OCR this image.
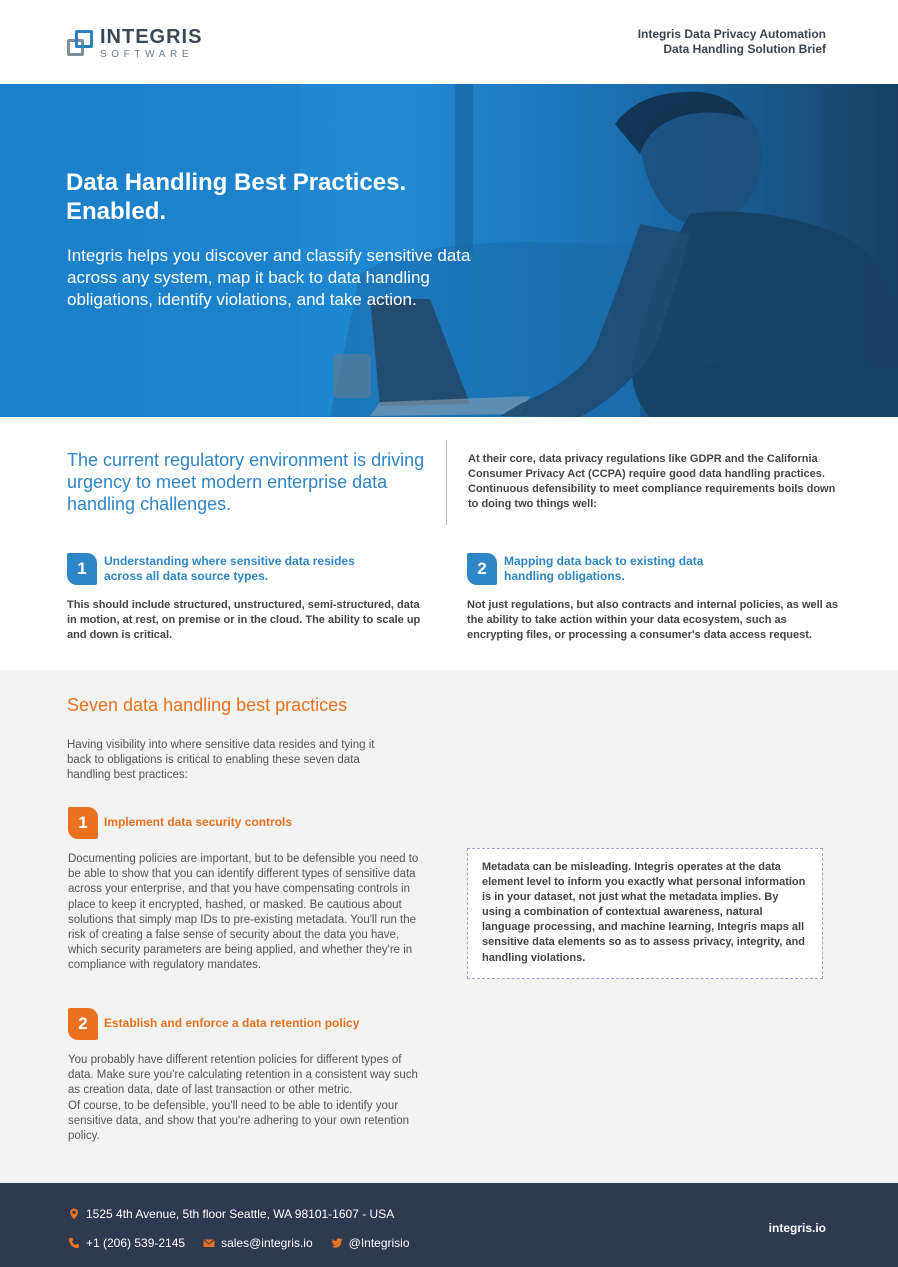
INTEGRIS
SOFTWARE
Integris Data Privacy Automation
Data Handling Solution Brief
Data Handling Best Practices.
Enabled.
Integris helps you discover and classify sensitive data across any system, map it back to data handling obligations, identify violations, and take action.
The current regulatory environment is driving urgency to meet modern enterprise data handling challenges.
At their core, data privacy regulations like GDPR and the California Consumer Privacy Act (CCPA) require good data handling practices. Continuous defensibility to meet compliance requirements boils down to doing two things well:
1	Understanding where sensitive data resides
across all data source types.
This should include structured, unstructured, semi-structured, data in motion, at rest, on premise or in the cloud. The ability to scale up and down is critical.
2	Mapping data back to existing data
handling obligations.
Not just regulations, but also contracts and internal policies, as well as the ability to take action within your data ecosystem, such as encrypting files, or processing a consumer's data access request.
Seven data handling best practices
Having visibility into where sensitive data resides and tying it back to obligations is critical to enabling these seven data handling best practices:
1	Implement data security controls
Documenting policies are important, but to be defensible you need to be able to show that you can identify different types of sensitive data across your enterprise, and that you have compensating controls in place to keep it encrypted, hashed, or masked. Be cautious about solutions that simply map IDs to pre-existing metadata. You'll run the risk of creating a false sense of security about the data you have, which security parameters are being applied, and whether they're in compliance with regulatory mandates.
2	Establish and enforce a data retention policy
You probably have different retention policies for different types of data. Make sure you're calculating retention in a consistent way such as creation data, date of last transaction or other metric.
Of course, to be defensible, you'll need to be able to identify your sensitive data, and show that you're adhering to your own retention policy.
Metadata can be misleading. Integris operates at the data element level to inform you exactly what personal information is in your dataset, not just what the metadata implies. By using a combination of contextual awareness, natural language processing, and machine learning, Integris maps all sensitive data elements so as to assess privacy, integrity, and handling violations.
1525 4th Avenue, 5th floor Seattle, WA 98101-1607 - USA
+1 (206) 539-2145	sales@integris.io	@Integrisio
integris.io
